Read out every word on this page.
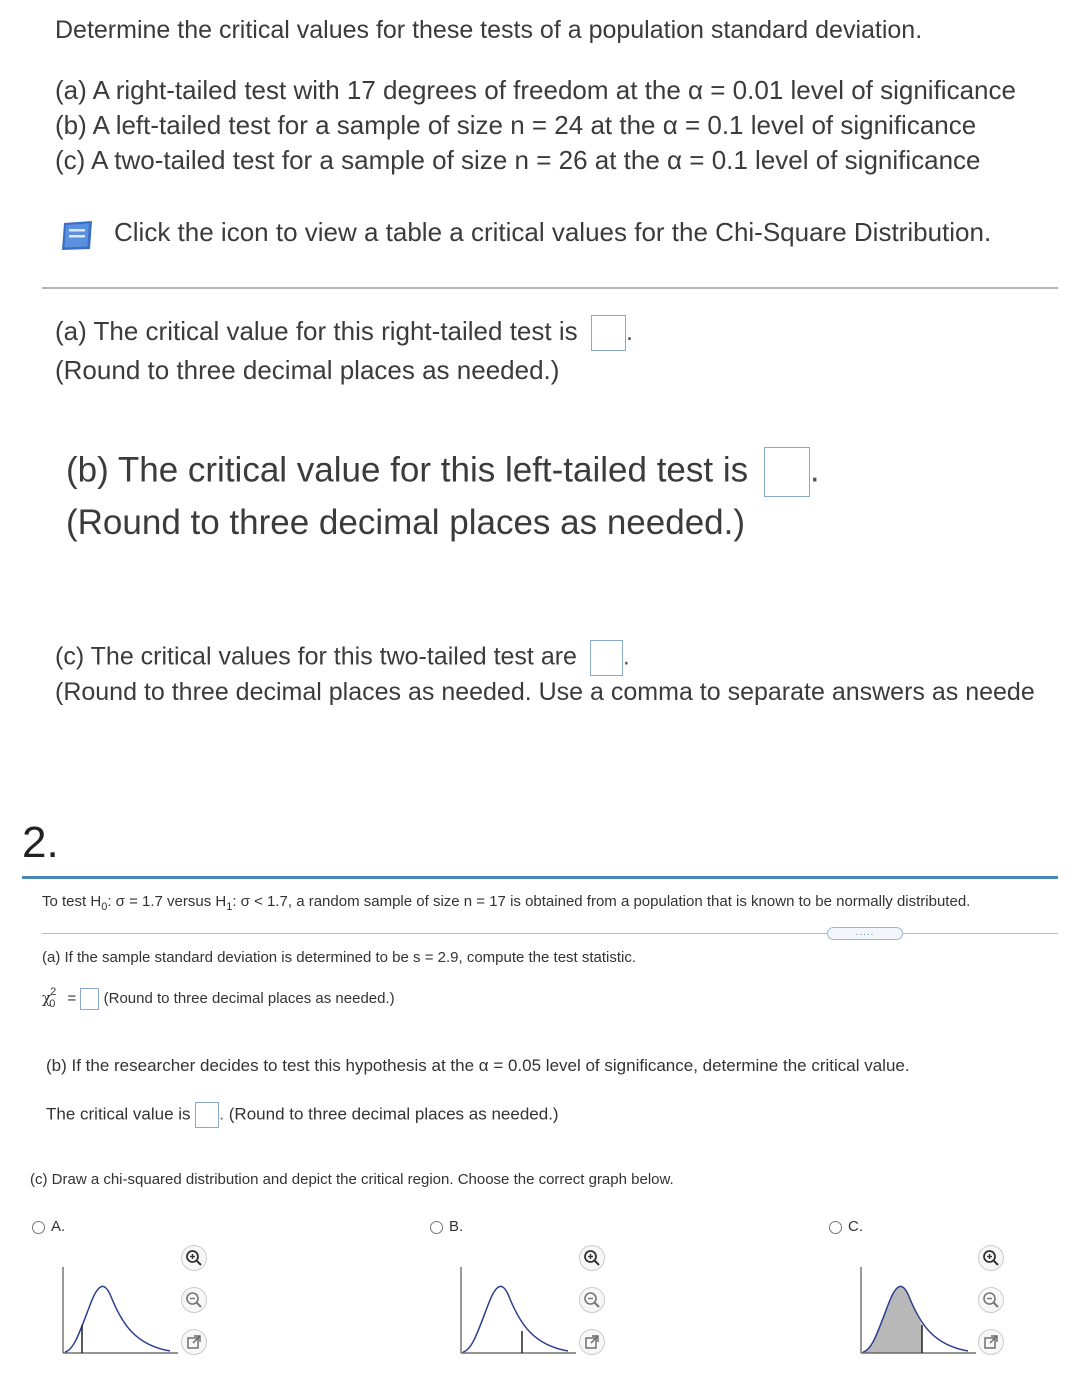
Determine the critical values for these tests of a population standard deviation.
(a) A right-tailed test with 17 degrees of freedom at the α = 0.01 level of significance
(b) A left-tailed test for a sample of size n = 24 at the α = 0.1 level of significance
(c) A two-tailed test for a sample of size n = 26 at the α = 0.1 level of significance
Click the icon to view a table a critical values for the Chi-Square Distribution.
(a) The critical value for this right-tailed test is .
(Round to three decimal places as needed.)
(b) The critical value for this left-tailed test is .
(Round to three decimal places as needed.)
(c) The critical values for this two-tailed test are .
(Round to three decimal places as needed. Use a comma to separate answers as neede
2.
To test $H_0$: σ = 1.7 versus $H_1$: σ < 1.7, a random sample of size n = 17 is obtained from a population that is known to be normally distributed.
.....
(a) If the sample standard deviation is determined to be s = 2.9, compute the test statistic.
$\chi^2_0$ = (Round to three decimal places as needed.)
(b) If the researcher decides to test this hypothesis at the α = 0.05 level of significance, determine the critical value.
The critical value is . (Round to three decimal places as needed.)
(c) Draw a chi-squared distribution and depict the critical region. Choose the correct graph below.
A.	B.	C.
